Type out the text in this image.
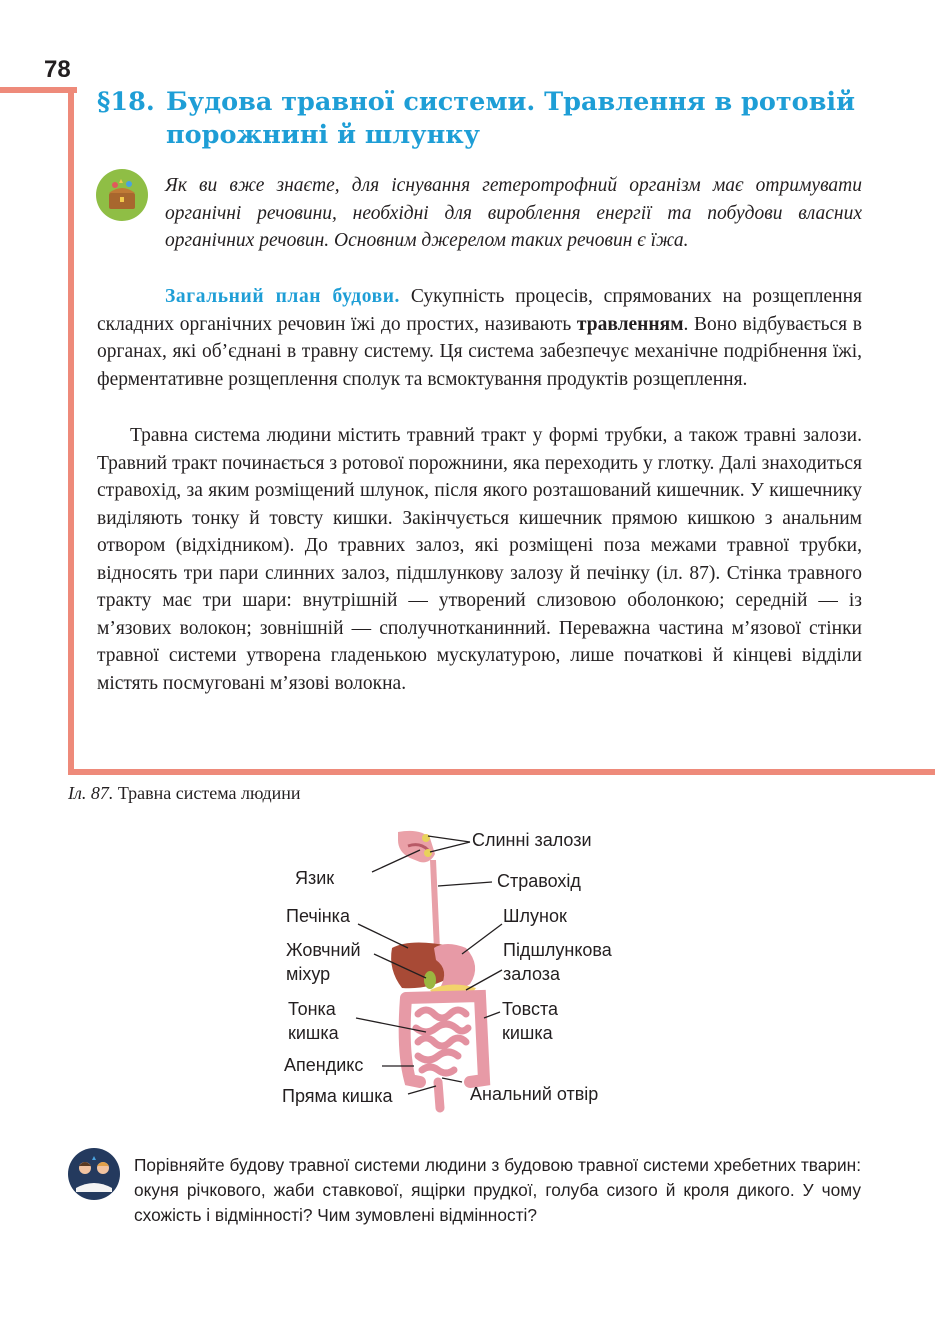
78
§18. Будова травної системи. Травлення в ротовій порожнині й шлунку

Як ви вже знаєте, для існування гетеротрофний організм має отримувати органічні речовини, необхідні для вироблення енергії та побудови власних органічних речовин. Основним джерелом таких речовин є їжа.

Загальний план будови. Сукупність процесів, спрямованих на розщеплення складних органічних речовин їжі до простих, називають травленням. Воно відбувається в органах, які об’єднані в травну систему. Ця система забезпечує механічне подрібнення їжі, ферментативне розщеплення сполук та всмоктування продуктів розщеплення.

Травна система людини містить травний тракт у формі трубки, а також травні залози. Травний тракт починається з ротової порожнини, яка переходить у глотку. Далі знаходиться стравохід, за яким розміщений шлунок, після якого розташований кишечник. У кишечнику виділяють тонку й товсту кишки. Закінчується кишечник прямою кишкою з анальним отвором (відхідником). До травних залоз, які розміщені поза межами травної трубки, відносять три пари слинних залоз, підшлункову залозу й печінку (іл. 87). Стінка травного тракту має три шари: внутрішній — утворений слизовою оболонкою; середній — із м’язових волокон; зовнішній — сполучнотканинний. Переважна частина м’язової стінки травної системи утворена гладенькою мускулатурою, лише початкові й кінцеві відділи містять посмуговані м’язові волокна.

Іл. 87. Травна система людини
Слинні залози
Язик	Стравохід
Печінка	Шлунок
Жовчний
міхур
Підшлункова
залоза
Тонка
кишка
Товста
кишка
Апендикс
Пряма кишка	Анальний отвір

Порівняйте будову травної системи людини з будовою травної системи хребетних тварин: окуня річкового, жаби ставкової, ящірки прудкої, голуба сизого й кроля дикого. У чому схожість і відмінності? Чим зумовлені відмінності?
